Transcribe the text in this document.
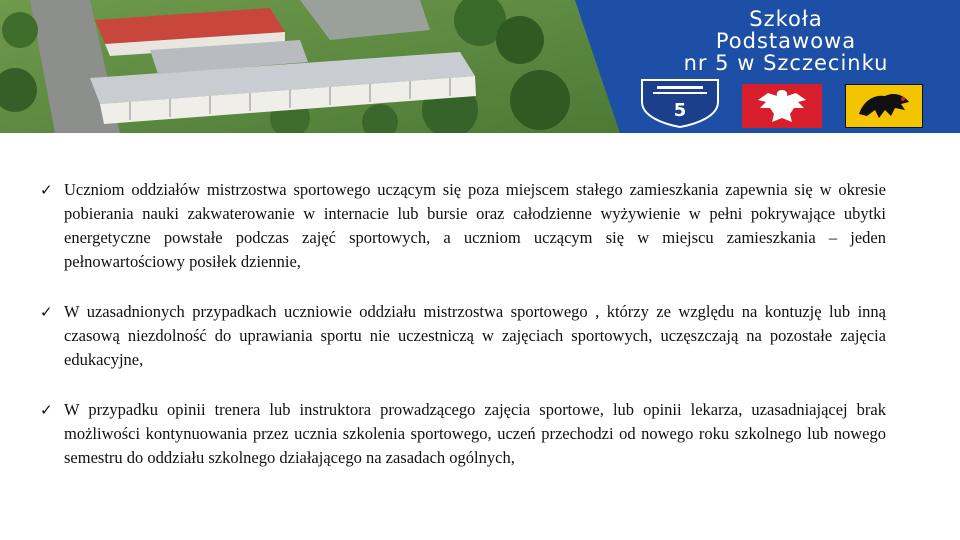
Szkoła
Podstawowa
nr 5 w Szczecinku
5
✓ Uczniom oddziałów mistrzostwa sportowego uczącym się poza miejscem stałego zamieszkania zapewnia się w okresie pobierania nauki zakwaterowanie w internacie lub bursie oraz całodzienne wyżywienie w pełni pokrywające ubytki energetyczne powstałe podczas zajęć sportowych, a uczniom uczącym się w miejscu zamieszkania – jeden pełnowartościowy posiłek dziennie,
✓ W uzasadnionych przypadkach uczniowie oddziału mistrzostwa sportowego , którzy ze względu na kontuzję lub inną czasową niezdolność do uprawiania sportu nie uczestniczą w zajęciach sportowych, uczęszczają na pozostałe zajęcia edukacyjne,
✓ W przypadku opinii trenera lub instruktora prowadzącego zajęcia sportowe, lub opinii lekarza, uzasadniającej brak możliwości kontynuowania przez ucznia szkolenia sportowego, uczeń przechodzi od nowego roku szkolnego lub nowego semestru do oddziału szkolnego działającego na zasadach ogólnych,
